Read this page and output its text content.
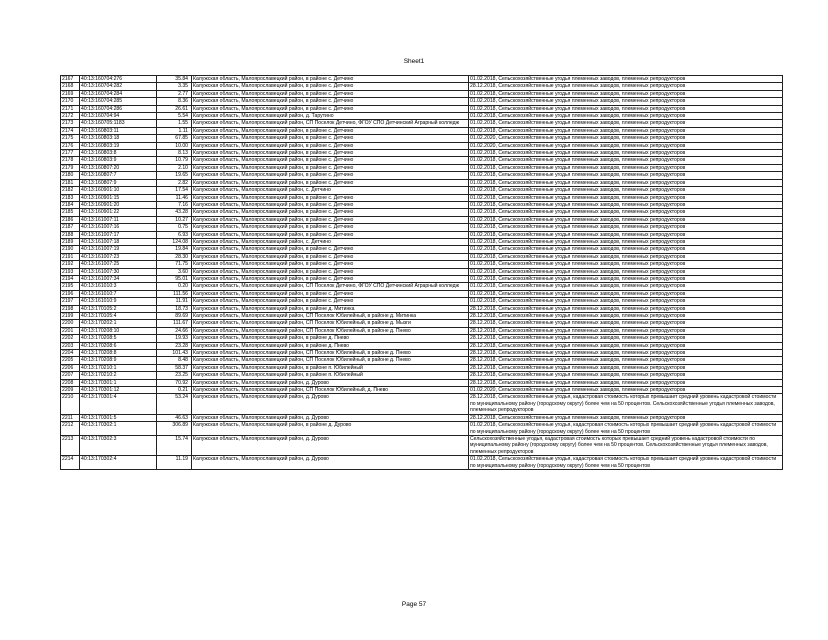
Sheet1
2167	40:13:160704:276	35.84	Калужская область, Малоярославецкий район, в районе с. Детчино	01.02.2018, Сельскохозяйственные угодья племенных заводов, племенных репродукторов
2168	40:13:160704:282	3.35	Калужская область, Малоярославецкий район, в районе с. Детчино	28.12.2018, Сельскохозяйственные угодья племенных заводов, племенных репродукторов
2169	40:13:160704:284	2.77	Калужская область, Малоярославецкий район, в районе с. Детчино	01.02.2018, Сельскохозяйственные угодья племенных заводов, племенных репродукторов
2170	40:13:160704:285	8.36	Калужская область, Малоярославецкий район, в районе с. Детчино	01.02.2018, Сельскохозяйственные угодья племенных заводов, племенных репродукторов
2171	40:13:160704:286	26.61	Калужская область, Малоярославецкий район, в районе с. Детчино	01.02.2018, Сельскохозяйственные угодья племенных заводов, племенных репродукторов
2172	40:13:160704:94	5.54	Калужская область, Малоярославецкий район, д. Тарутино	01.02.2018, Сельскохозяйственные угодья племенных заводов, племенных репродукторов
2173	40:13:160705:1183	1.55	Калужская область, Малоярославецкий район, СП Поселок Детчино, ФГОУ СПО Детчинский Аграрный колледж	01.02.2018, Сельскохозяйственные угодья племенных заводов, племенных репродукторов
2174	40:13:160803:11	1.11	Калужская область, Малоярославецкий район, в районе с. Детчино	01.02.2018, Сельскохозяйственные угодья племенных заводов, племенных репродукторов
2175	40:13:160803:18	67.85	Калужская область, Малоярославецкий район, в районе с. Детчино	01.02.2020, Сельскохозяйственные угодья племенных заводов, племенных репродукторов
2176	40:13:160803:19	10.00	Калужская область, Малоярославецкий район, в районе с. Детчино	01.02.2020, Сельскохозяйственные угодья племенных заводов, племенных репродукторов
2177	40:13:160803:8	8.13	Калужская область, Малоярославецкий район, в районе с. Детчино	01.02.2018, Сельскохозяйственные угодья племенных заводов, племенных репродукторов
2178	40:13:160803:9	10.79	Калужская область, Малоярославецкий район, в районе с. Детчино	01.02.2018, Сельскохозяйственные угодья племенных заводов, племенных репродукторов
2179	40:13:160807:20	2.10	Калужская область, Малоярославецкий район, в районе с. Детчино	01.02.2018, Сельскохозяйственные угодья племенных заводов, племенных репродукторов
2180	40:13:160807:7	19.65	Калужская область, Малоярославецкий район, в районе с. Детчино	01.02.2018, Сельскохозяйственные угодья племенных заводов, племенных репродукторов
2181	40:13:160807:9	2.82	Калужская область, Малоярославецкий район, в районе с. Детчино	01.02.2018, Сельскохозяйственные угодья племенных заводов, племенных репродукторов
2182	40:13:160901:10	17.54	Калужская область, Малоярославецкий район, с. Детчино	01.02.2018, Сельскохозяйственные угодья племенных заводов, племенных репродукторов
2183	40:13:160901:15	11.46	Калужская область, Малоярославецкий район, в районе с. Детчино	01.02.2018, Сельскохозяйственные угодья племенных заводов, племенных репродукторов
2184	40:13:160901:20	7.16	Калужская область, Малоярославецкий район, в районе с. Детчино	01.02.2018, Сельскохозяйственные угодья племенных заводов, племенных репродукторов
2185	40:13:160901:22	43.28	Калужская область, Малоярославецкий район, в районе с. Детчино	01.02.2018, Сельскохозяйственные угодья племенных заводов, племенных репродукторов
2186	40:13:161007:11	10.27	Калужская область, Малоярославецкий район, в районе с. Детчино	01.02.2018, Сельскохозяйственные угодья племенных заводов, племенных репродукторов
2187	40:13:161007:16	0.75	Калужская область, Малоярославецкий район, в районе с. Детчино	01.02.2018, Сельскохозяйственные угодья племенных заводов, племенных репродукторов
2188	40:13:161007:17	6.93	Калужская область, Малоярославецкий район, в районе с. Детчино	01.02.2018, Сельскохозяйственные угодья племенных заводов, племенных репродукторов
2189	40:13:161007:18	124.08	Калужская область, Малоярославецкий район, с. Детчино	01.02.2018, Сельскохозяйственные угодья племенных заводов, племенных репродукторов
2190	40:13:161007:19	19.84	Калужская область, Малоярославецкий район, в районе с. Детчино	01.02.2018, Сельскохозяйственные угодья племенных заводов, племенных репродукторов
2191	40:13:161007:23	28.30	Калужская область, Малоярославецкий район, в районе с. Детчино	01.02.2018, Сельскохозяйственные угодья племенных заводов, племенных репродукторов
2192	40:13:161007:25	71.75	Калужская область, Малоярославецкий район, в районе с. Детчино	01.02.2018, Сельскохозяйственные угодья племенных заводов, племенных репродукторов
2193	40:13:161007:30	3.60	Калужская область, Малоярославецкий район, в районе с. Детчино	01.02.2018, Сельскохозяйственные угодья племенных заводов, племенных репродукторов
2194	40:13:161007:34	95.01	Калужская область, Малоярославецкий район, в районе с. Детчино	01.02.2018, Сельскохозяйственные угодья племенных заводов, племенных репродукторов
2195	40:13:161010:3	0.20	Калужская область, Малоярославецкий район, СП Поселок Детчино, ФГОУ СПО Детчинский Аграрный колледж	01.02.2018, Сельскохозяйственные угодья племенных заводов, племенных репродукторов
2196	40:13:161010:7	111.56	Калужская область, Малоярославецкий район, в районе с. Детчино	01.02.2018, Сельскохозяйственные угодья племенных заводов, племенных репродукторов
2197	40:13:161010:9	11.91	Калужская область, Малоярославецкий район, в районе с. Детчино	01.02.2018, Сельскохозяйственные угодья племенных заводов, племенных репродукторов
2198	40:13:170105:2	18.73	Калужская область, Малоярославецкий район, в районе д. Митинка	28.12.2018, Сельскохозяйственные угодья племенных заводов, племенных репродукторов
2199	40:13:170105:4	89.69	Калужская область, Малоярославецкий район, СП Поселок Юбилейный, в районе д. Митинка	28.12.2018, Сельскохозяйственные угодья племенных заводов, племенных репродукторов
2200	40:13:170202:1	111.67	Калужская область, Малоярославецкий район, СП Поселок Юбилейный, в районе д. Мызги	28.12.2018, Сельскохозяйственные угодья племенных заводов, племенных репродукторов
2201	40:13:170208:10	24.66	Калужская область, Малоярославецкий район, СП Поселок Юбилейный, в районе д. Пнево	28.12.2018, Сельскохозяйственные угодья племенных заводов, племенных репродукторов
2202	40:13:170208:5	19.93	Калужская область, Малоярославецкий район, в районе д. Пнево	28.12.2018, Сельскохозяйственные угодья племенных заводов, племенных репродукторов
2203	40:13:170208:6	23.28	Калужская область, Малоярославецкий район, в районе д. Пнево	28.12.2018, Сельскохозяйственные угодья племенных заводов, племенных репродукторов
2204	40:13:170208:8	101.43	Калужская область, Малоярославецкий район, СП Поселок Юбилейный, в районе д. Пнево	28.12.2018, Сельскохозяйственные угодья племенных заводов, племенных репродукторов
2205	40:13:170208:9	8.48	Калужская область, Малоярославецкий район, СП Поселок Юбилейный, в районе д. Пнево	28.12.2018, Сельскохозяйственные угодья племенных заводов, племенных репродукторов
2206	40:13:170210:1	58.37	Калужская область, Малоярославецкий район, в районе п. Юбилейный	28.12.2018, Сельскохозяйственные угодья племенных заводов, племенных репродукторов
2207	40:13:170210:2	23.25	Калужская область, Малоярославецкий район, в районе п. Юбилейный	28.12.2018, Сельскохозяйственные угодья племенных заводов, племенных репродукторов
2208	40:13:170301:1	70.92	Калужская область, Малоярославецкий район, д. Дурово	28.12.2018, Сельскохозяйственные угодья племенных заводов, племенных репродукторов
2209	40:13:170301:12	0.21	Калужская область, Малоярославецкий район, СП Поселок Юбилейный, д. Пнево	01.02.2020, Сельскохозяйственные угодья племенных заводов, племенных репродукторов
2210	40:13:170301:4	53.24	Калужская область, Малоярославецкий район, д. Дурово	28.12.2018, Сельскохозяйственные угодья, кадастровая стоимость которых превышает средний уровень кадастровой стоимости по муниципальному району (городскому округу) более чем на 50 процентов. Сельскохозяйственные угодья племенных заводов, племенных репродукторов
2211	40:13:170301:5	46.63	Калужская область, Малоярославецкий район, д. Дурово	28.12.2018, Сельскохозяйственные угодья племенных заводов, племенных репродукторов
2212	40:13:170302:1	306.89	Калужская область, Малоярославецкий район, в районе д. Дурово	01.02.2018, Сельскохозяйственные угодья, кадастровая стоимость которых превышает средний уровень кадастровой стоимости по муниципальному району (городскому округу) более чем на 50 процентов
2213	40:13:170302:3	15.74	Калужская область, Малоярославецкий район, д. Дурово	Сельскохозяйственные угодья, кадастровая стоимость которых превышает средний уровень кадастровой стоимости по муниципальному району (городскому округу) более чем на 50 процентов. Сельскохозяйственные угодья племенных заводов, племенных репродукторов
2214	40:13:170302:4	11.19	Калужская область, Малоярославецкий район, д. Дурово	01.02.2018, Сельскохозяйственные угодья, кадастровая стоимость которых превышает средний уровень кадастровой стоимости по муниципальному району (городскому округу) более чем на 50 процентов
Page 57
